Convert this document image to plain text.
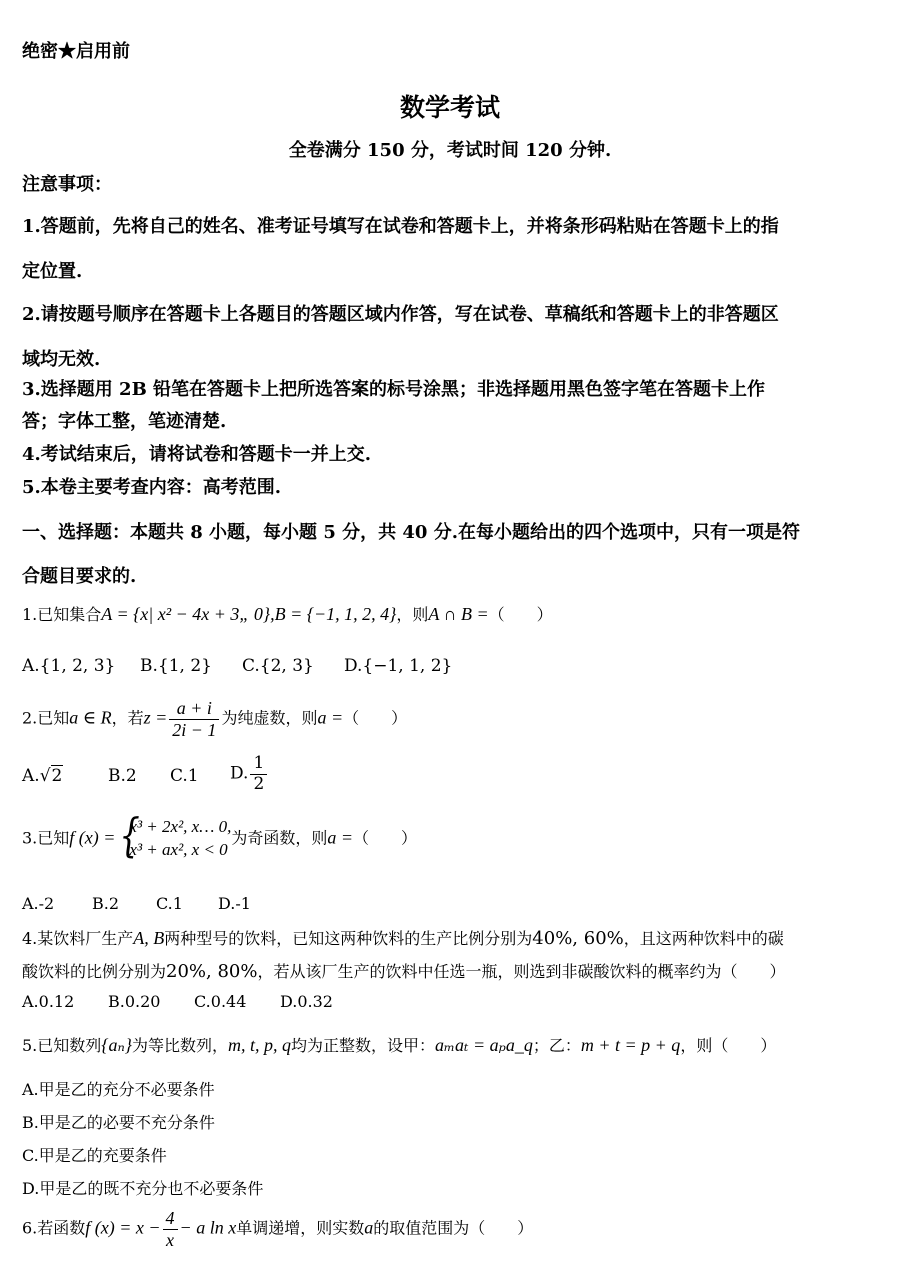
绝密★启用前
数学考试
全卷满分 150 分，考试时间 120 分钟.
注意事项：
1.答题前，先将自己的姓名、准考证号填写在试卷和答题卡上，并将条形码粘贴在答题卡上的指
定位置.
2.请按题号顺序在答题卡上各题目的答题区域内作答，写在试卷、草稿纸和答题卡上的非答题区
域均无效.
3.选择题用 2B 铅笔在答题卡上把所选答案的标号涂黑；非选择题用黑色签字笔在答题卡上作
答；字体工整，笔迹清楚.
4.考试结束后，请将试卷和答题卡一并上交.
5.本卷主要考查内容：高考范围.
一、选择题：本题共 8 小题，每小题 5 分，共 40 分.在每小题给出的四个选项中，只有一项是符
合题目要求的.
1.已知集合A = {x| x² − 4x + 3„ 0},B = {−1, 1, 2, 4}，则A ∩ B =（　　）
A.{1, 2, 3} B.{1, 2} C.{2, 3} D.{−1, 1, 2}
2.已知a ∈ R，若$z = \frac{a + i}{2i - 1}$ 为纯虚数，则a =（　　）
A.√2	B.2 C.1 D. $\frac{1}{2}$
3.已知f (x) = {
x³ + 2x², x… 0,
x³ + ax², x < 0
为奇函数，则a =（　　）
A.-2 B.2 C.1 D.-1
4.某饮料厂生产A, B两种型号的饮料，已知这两种饮料的生产比例分别为40%, 60%，且这两种饮料中的碳
酸饮料的比例分别为20%, 80%，若从该厂生产的饮料中任选一瓶，则选到非碳酸饮料的概率约为（　　）
A.0.12 B.0.20 C.0.44 D.0.32
5.已知数列{aₙ}为等比数列，m, t, p, q均为正整数，设甲：aₘaₜ = aₚa_q；乙：m + t = p + q，则（　　）
A.甲是乙的充分不必要条件
B.甲是乙的必要不充分条件
C.甲是乙的充要条件
D.甲是乙的既不充分也不必要条件
6.若函数f $(x) = x - \frac{4}{x} - a$ ln x单调递增，则实数a的取值范围为（　　）
